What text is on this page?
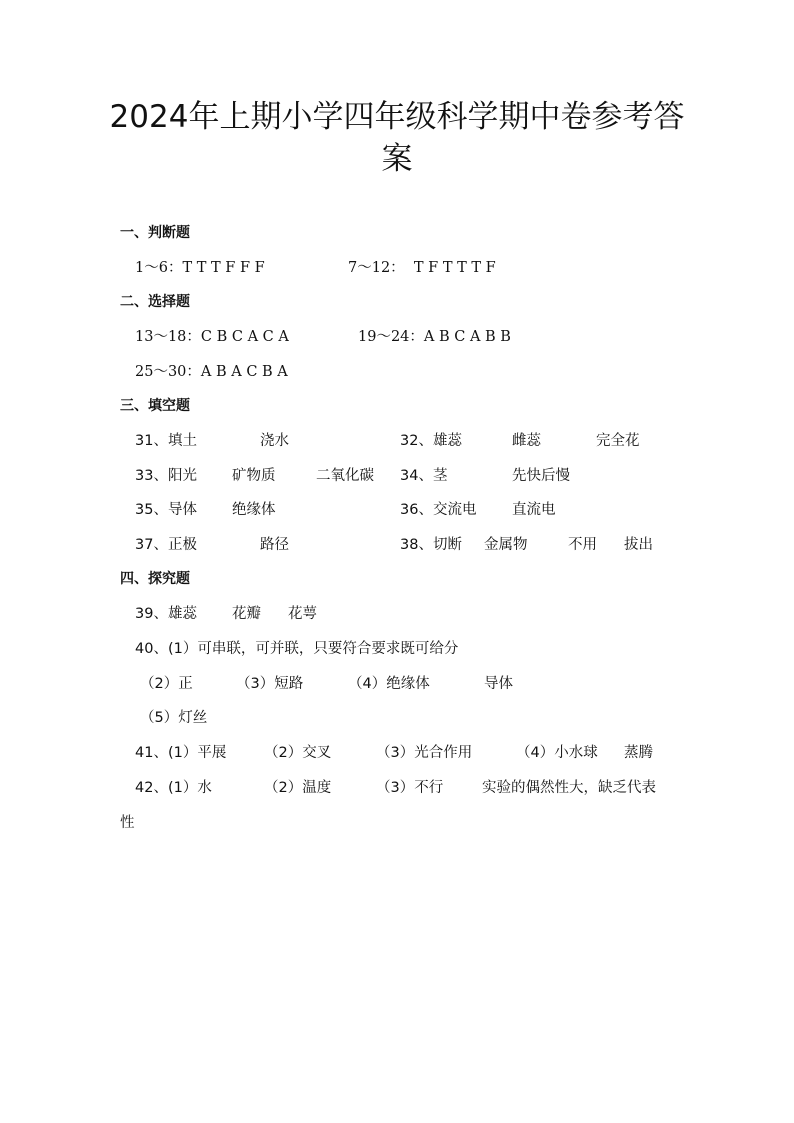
2024年上期小学四年级科学期中卷参考答
案
一、判断题
1～6：T T T F F F	7～12：  T F T T T F
二、选择题
13～18：C B C A C A	19～24：A B C A B B
25～30：A B A C B A
三、填空题
31、填土	浇水	32、雄蕊	雌蕊	完全花
33、阳光 矿物质	二氧化碳 34、茎	先快后慢
35、导体 绝缘体	36、交流电 直流电
37、正极	路径	38、切断 金属物	不用 拔出
四、探究题
39、雄蕊 花瓣 花萼
40、(1）可串联，可并联，只要符合要求既可给分
（2）正	（3）短路	（4）绝缘体	导体
（5）灯丝
41、(1）平展	（2）交叉	（3）光合作用	（4）小水球 蒸腾
42、(1）水	（2）温度	（3）不行	实验的偶然性大，缺乏代表
性
